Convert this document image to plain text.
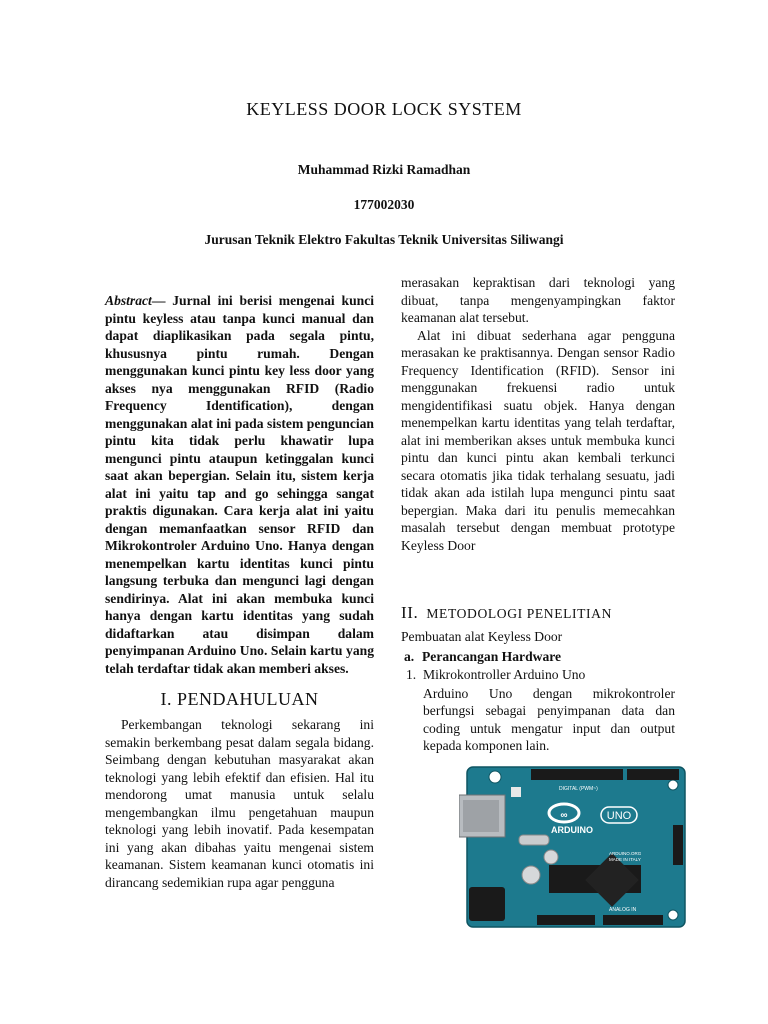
KEYLESS DOOR LOCK SYSTEM
Muhammad Rizki Ramadhan
177002030
Jurusan Teknik Elektro Fakultas Teknik Universitas Siliwangi

Abstract— Jurnal ini berisi mengenai kunci pintu keyless atau tanpa kunci manual dan dapat diaplikasikan pada segala pintu, khususnya pintu rumah. Dengan menggunakan kunci pintu key less door yang akses nya menggunakan RFID (Radio Frequency Identification), dengan menggunakan alat ini pada sistem penguncian pintu kita tidak perlu khawatir lupa mengunci pintu ataupun ketinggalan kunci saat akan bepergian. Selain itu, sistem kerja alat ini yaitu tap and go sehingga sangat praktis digunakan. Cara kerja alat ini yaitu dengan memanfaatkan sensor RFID dan Mikrokontroler Arduino Uno. Hanya dengan menempelkan kartu identitas kunci pintu langsung terbuka dan mengunci lagi dengan sendirinya. Alat ini akan membuka kunci hanya dengan kartu identitas yang sudah didaftarkan atau disimpan dalam penyimpanan Arduino Uno. Selain kartu yang telah terdaftar tidak akan memberi akses.

I. PENDAHULUAN

Perkembangan teknologi sekarang ini semakin berkembang pesat dalam segala bidang. Seimbang dengan kebutuhan masyarakat akan teknologi yang lebih efektif dan efisien. Hal itu mendorong umat manusia untuk selalu mengembangkan ilmu pengetahuan maupun teknologi yang lebih inovatif. Pada kesempatan ini yang akan dibahas yaitu mengenai sistem keamanan. Sistem keamanan kunci otomatis ini dirancang sedemikian rupa agar pengguna

merasakan kepraktisan dari teknologi yang dibuat, tanpa mengenyampingkan faktor keamanan alat tersebut.

Alat ini dibuat sederhana agar pengguna merasakan ke praktisannya. Dengan sensor Radio Frequency Identification (RFID). Sensor ini menggunakan frekuensi radio untuk mengidentifikasi suatu objek. Hanya dengan menempelkan kartu identitas yang telah terdaftar, alat ini memberikan akses untuk membuka kunci pintu dan kunci pintu akan kembali terkunci secara otomatis jika tidak terhalang sesuatu, jadi tidak akan ada istilah lupa mengunci pintu saat bepergian. Maka dari itu penulis memecahkan masalah tersebut dengan membuat prototype Keyless Door

II. METODOLOGI PENELITIAN

Pembuatan alat Keyless Door

a. Perancangan Hardware
1. Mikrokontroller Arduino Uno

Arduino Uno dengan mikrokontroler berfungsi sebagai penyimpanan data dan coding untuk mengatur input dan output kepada komponen lain.

∞
ARDUINO
UNO
DIGITAL (PWM~)
ANALOG IN
ARDUINO.ORG
MADE IN ITALY
